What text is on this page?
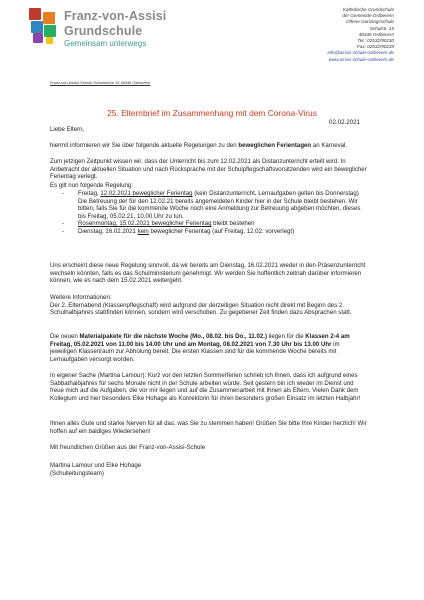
Franz-von-Assisi
Grundschule
Gemeinsam unterwegs
Katholische Grundschule
der Gemeinde Ostbevern
Offene Ganztagsschule
Schulstr. 15
48346 Ostbevern
Tel.: 02532/90230
Fax: 02532/90239
info@assisi-schule-ostbevern.de
www.assisi-schule-ostbevern.de
Franz-von-Assisi-Schule Schulstraße 15 48346 Ostbevern
25. Elternbrief im Zusammenhang mit dem Corona-Virus
02.02.2021

Liebe Eltern,

hiermit informieren wir Sie über folgende aktuelle Regelungen zu den beweglichen Ferientagen an Karneval.

Zum jetzigen Zeitpunkt wissen wir, dass der Unterricht bis zum 12.02.2021 als Distanzunterricht erteilt wird. In Anbetracht der aktuellen Situation und nach Rücksprache mit der Schulpflegschaftsvorsitzenden wird ein beweglicher Ferientag verlegt.

Es gilt nun folgende Regelung:

- Freitag, 12.02.2021 beweglicher Ferientag (kein Distanzunterricht, Lernaufgaben gelten bis Donnerstag)
Die Betreuung der für den 12.02.21 bereits angemeldeten Kinder hier in der Schule bleibt bestehen. Wir bitten, falls Sie für die kommende Woche noch eine Anmeldung zur Betreuung abgeben möchten, dieses bis Freitag, 05.02.21, 10.00 Uhr zu tun.
- Rosenmontag, 15.02.2021 beweglicher Ferientag bleibt bestehen
- Dienstag, 16.02.2021 kein beweglicher Ferientag (auf Freitag, 12.02. vorverlegt)

Uns erscheint diese neue Regelung sinnvoll, da wir bereits am Dienstag, 16.02.2021 wieder in den Präsenzunterricht wechseln könnten, falls es das Schulministerium genehmigt. Wir werden Sie hoffentlich zeitnah darüber informieren können, wie es nach dem 15.02.2021 weitergeht.

Weitere Informationen:

Der 2. Elternabend (Klassenpflegschaft) wird aufgrund der derzeitigen Situation nicht direkt mit Beginn des 2. Schulhalbjahres stattfinden können, sondern wird verschoben. Zu gegebener Zeit finden dazu Absprachen statt.

Die neuen Materialpakete für die nächste Woche (Mo., 08.02. bis Do., 11.02.) liegen für die Klassen 2-4 am Freitag, 05.02.2021 von 11.00 bis 14.00 Uhr und am Montag, 08.02.2021 von 7.30 Uhr bis 13.00 Uhr im jeweiligen Klassenraum zur Abholung bereit. Die ersten Klassen sind für die kommende Woche bereits mit Lernaufgaben versorgt worden.

In eigener Sache (Martina Lamour): Kurz vor den letzten Sommerferien schrieb ich Ihnen, dass ich aufgrund eines Sabbathalbjahres für sechs Monate nicht in der Schule arbeiten würde. Seit gestern bin ich wieder im Dienst und freue mich auf die Aufgaben, die vor mir liegen und auf die Zusammenarbeit mit Ihnen als Eltern. Vielen Dank dem Kollegium und hier besonders Elke Hohage als Konrektorin für ihren besonders großen Einsatz im letzten Halbjahr!

Ihnen alles Gute und starke Nerven für all das, was Sie zu stemmen haben! Grüßen Sie bitte Ihre Kinder herzlich! Wir hoffen auf ein baldiges Wiedersehen!

Mit freundlichen Grüßen aus der Franz-von-Assisi-Schule

Martina Lamour und Elke Hohage

(Schulleitungsteam)
